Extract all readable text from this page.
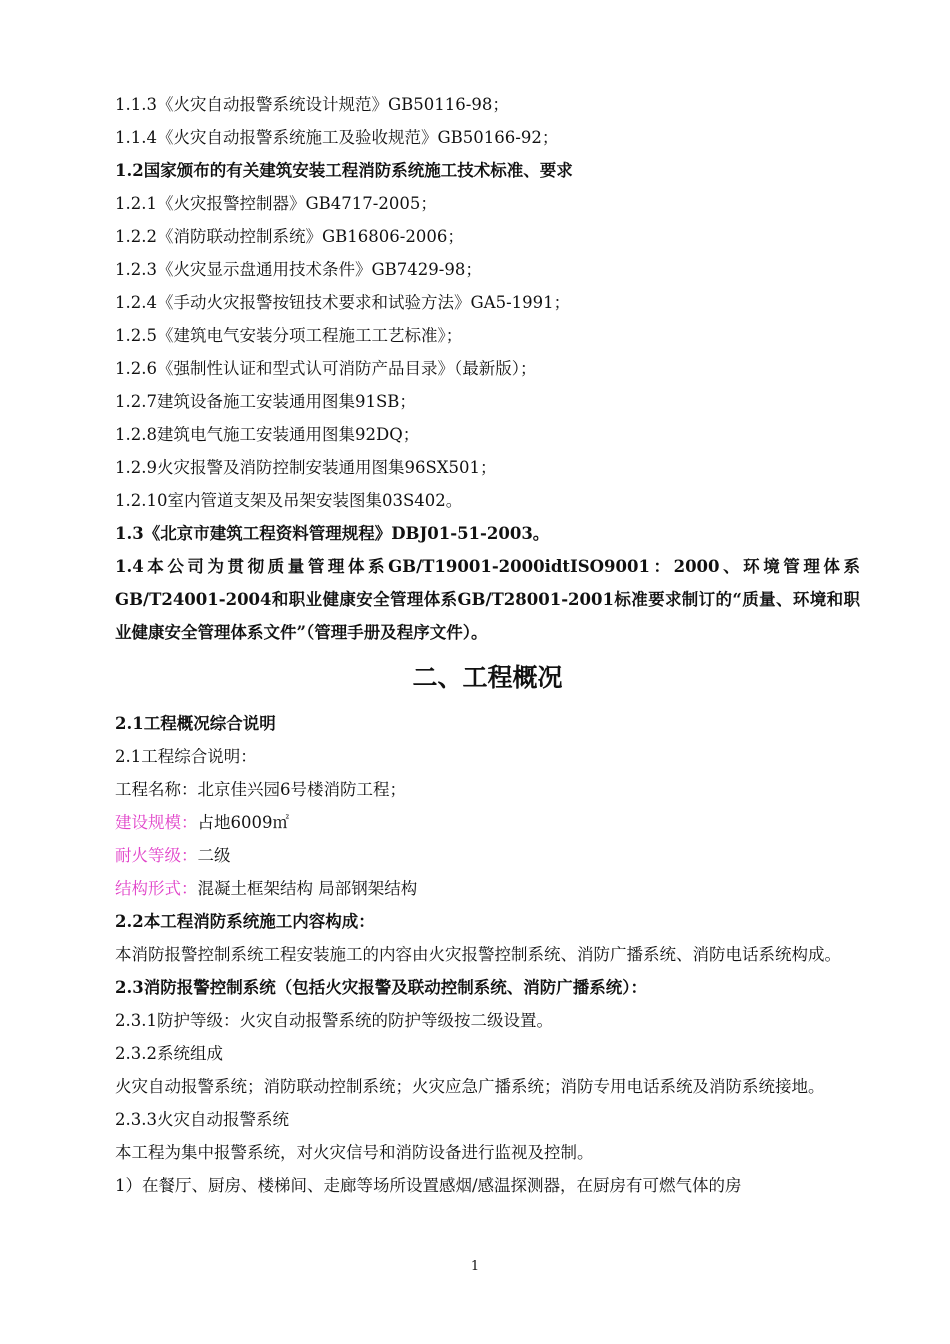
1.1.3《火灾自动报警系统设计规范》GB50116-98；
1.1.4《火灾自动报警系统施工及验收规范》GB50166-92；
1.2国家颁布的有关建筑安装工程消防系统施工技术标准、要求
1.2.1《火灾报警控制器》GB4717-2005；
1.2.2《消防联动控制系统》GB16806-2006；
1.2.3《火灾显示盘通用技术条件》GB7429-98；
1.2.4《手动火灾报警按钮技术要求和试验方法》GA5-1991；
1.2.5《建筑电气安装分项工程施工工艺标准》；
1.2.6《强制性认证和型式认可消防产品目录》（最新版）；
1.2.7建筑设备施工安装通用图集91SB；
1.2.8建筑电气施工安装通用图集92DQ；
1.2.9火灾报警及消防控制安装通用图集96SX501；
1.2.10室内管道支架及吊架安装图集03S402。
1.3《北京市建筑工程资料管理规程》DBJ01-51-2003。
1.4本公司为贯彻质量管理体系GB/T19001-2000idtISO9001：2000、环境管理体系GB/T24001-2004和职业健康安全管理体系GB/T28001-2001标准要求制订的“质量、环境和职业健康安全管理体系文件”（管理手册及程序文件）。
二、工程概况
2.1工程概况综合说明
2.1工程综合说明：
工程名称：北京佳兴园6号楼消防工程；
建设规模：占地6009㎡
耐火等级：二级
结构形式：混凝土框架结构 局部钢架结构
2.2本工程消防系统施工内容构成：
本消防报警控制系统工程安装施工的内容由火灾报警控制系统、消防广播系统、消防电话系统构成。
2.3消防报警控制系统（包括火灾报警及联动控制系统、消防广播系统）：
2.3.1防护等级：火灾自动报警系统的防护等级按二级设置。
2.3.2系统组成
火灾自动报警系统；消防联动控制系统；火灾应急广播系统；消防专用电话系统及消防系统接地。
2.3.3火灾自动报警系统
本工程为集中报警系统，对火灾信号和消防设备进行监视及控制。
1）在餐厅、厨房、楼梯间、走廊等场所设置感烟/感温探测器，在厨房有可燃气体的房
1
